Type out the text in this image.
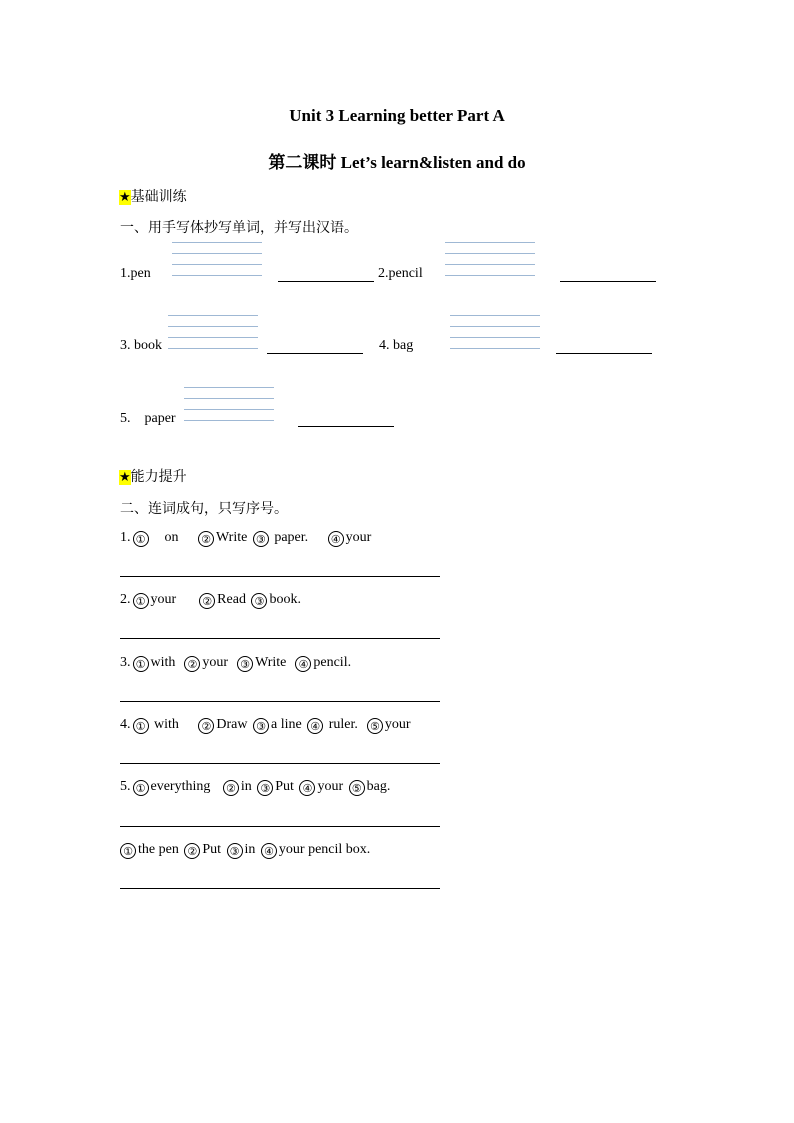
Unit 3 Learning better Part A
第二课时 Let’s learn&listen and do
★基础训练
一、用手写体抄写单词，并写出汉语。
1.pen	2.pencil
3. book	4. bag
5.    paper
★能力提升
二、连词成句，只写序号。
1. ① on ② Write ③ paper. ④ your
2. ① your ② Read ③ book.
3. ① with ② your ③ Write ④ pencil.
4. ① with ② Draw ③ a line ④ ruler. ⑤ your
5. ① everything ② in ③ Put ④ your ⑤ bag.
① the pen ② Put ③ in ④ your pencil box.
